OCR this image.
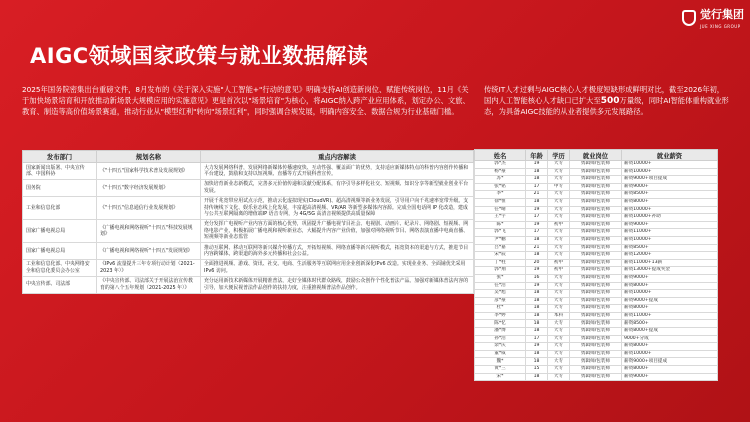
觉行集团
JUE XING GROUP
AIGC领域国家政策与就业数据解读
2025年国务院密集出台重磅文件，8月发布的《关于深入实施"人工智能+"行动的意见》明确支持AI创造新岗位、赋能传统岗位，11月《关于加快场景培育和开放推动新场景大规模应用的实施意见》更是首次以"场景培育"为核心，将AIGC纳入跨产业应用体系，划定办公、文旅、教育、制造等高价值场景赛道，推动行业从"模型红利"转向"场景红利"，同时强调合规发展，明确内容安全、数据合规为行业基础门槛。
传统IT人才过剩与AIGC核心人才极度短缺形成鲜明对比，截至2026年初，国内人工智能核心人才缺口已扩大至500万量级，同时AI智能体重构就业形态，为具备AIGC技能的从业者提供多元发展路径。
发布部门	规划名称	重点内容解读
国家新闻出版署、中央宣传部、中国科协	《"十四五"国家科学技术普及发展规划》	大力发展网络科普，发展网络新媒体传播速度快、互动性强、覆盖面广的优势，支持适应新媒体特点的科普内容创作传播和平台建设，鼓励和支持以短视频、直播等方式开展科普宣传。
国务院	《"十四五"数字经济发展规划》	加快培育新业态新模式，完善多元价值传递和贡献分配体系，有序引导多样化社交、短视频、知识分享等新型就业创业平台发展。
工业和信息化部	《"十四五"信息通信行业发展规划》	开展千兆宽带应用试点示范，推动云化虚拟现实(CloudVR)、超高清视频等新业务发展，引导用户向千兆速率宽带升级。支持传统线下文化、娱乐业态线上化发展，丰富超高清视频、VR/AR 等新型多媒体内容源。完成全国电话网 IP 化改造，建成与公共互联网隔离的增值端IP 语音专网，为 4G/5G 高清音视频提供高质量保障
国家广播电视总局	《广播电视和网络视听"十四五"科技发展规划》	充分发挥广电视听产业内容方面的核心优势，巩固提升广播电视节目社会、电视剧、动画片、纪录片、网络剧、短视频、网络电影产业，积极拓展广播电视和视听新业态，大幅提升内容产业价值，加强对网络视听节目、网络表演直播中电商直播、短视频等新业态监管
国家广播电视总局	《广播电视和网络视听"十四五"发展规划》	推动互联网、移动互联网等新兴媒介传播方式，开拓短视频、网络直播等新兴视听模式，拓宽资本的渠道与方式，推进节目内容跨媒体，跨渠道的海外多元传播和社会公益。
工业和信息化部、中央网络安全和信息化委员会办公室	《IPv6 流量提升三年专项行动计划（2021-2023 年）》	全面推进视频、游戏、资讯、社交、电商、生活服务等互联网应用企业创新深化IPv6 改造。实现业业务、全面铺优先采用 IPv6 访问。
中央宣传部、司法部	《中央宣传部、司法部关于开展法治宣传教育的第八个五年规划（2021-2025 年）》	充分运用新技术新媒体开展精准普法，走好全媒体时代群众路线，鼓励公众创作个性化普法产品。加强对新媒体普法内容的引导，加大便民视普法作品创作的扶持力度，注重推视频普法作品创作。
姓名	年龄	学历	就业岗位	就业薪资
郭*杰	19	大专	剪辑师/包装师	薪资10000+
杨*豪	18	大专	剪辑师/包装师	薪资10000+
苏*	18	大专	剪辑师/包装师	薪资9000+项目提成
张*铭	17	中专	剪辑师/包装师	薪资9000+
李*	21	大专	剪辑师/包装师	薪资8500+
徐*恒	18	大专	剪辑师/包装师	薪资8000+
任*晴	19	大专	剪辑师/包装师	薪资10000+
王*宇	17	大专	剪辑师/包装师	薪资10000+补助
陈*	19	初中	剪辑师/包装师	薪资9000+
郭*飞	17	大专	剪辑师/包装师	薪资11000+
尹*鹏	18	大专	剪辑师/包装师	薪资10000+
吕*嘉	21	大专	剪辑师/包装师	薪资8500+
宋*辰	18	大专	剪辑师/包装师	薪资12000+
丁*柱	20	初中	剪辑师/包装师	薪资11000+13薪
郭*翔	19	初中	剪辑师/包装师	薪资13000+提成奖金
张*	16	大专	剪辑师/包装师	薪资9000+
任*浩	19	大专	剪辑师/包装师	薪资8000+
吴*旭	18	大专	剪辑师/包装师	薪资10000+
彦*豪	18	大专	剪辑师/包装师	薪资9000+提成
杜*	18	大专	剪辑师/包装师	薪资8000+
李*婷	18	本科	剪辑师/包装师	薪资11000+
陈*忆	18	大专	剪辑师/包装师	薪资8500+
潘*博	18	大专	剪辑师/包装师	薪资8000+提成
孙*浩	17	大专	剪辑师/包装师	9000+分成
余*庆	19	大专	剪辑师/包装师	薪资8000+
董*威	18	大专	剪辑师/包装师	薪资10000+
魏*	18	大专	剪辑师/包装师	薪资9000+项目提成
黄*三	15	大专	剪辑师/包装师	薪资8000+
宋*	18	大专	剪辑师/包装师	薪资9000+
